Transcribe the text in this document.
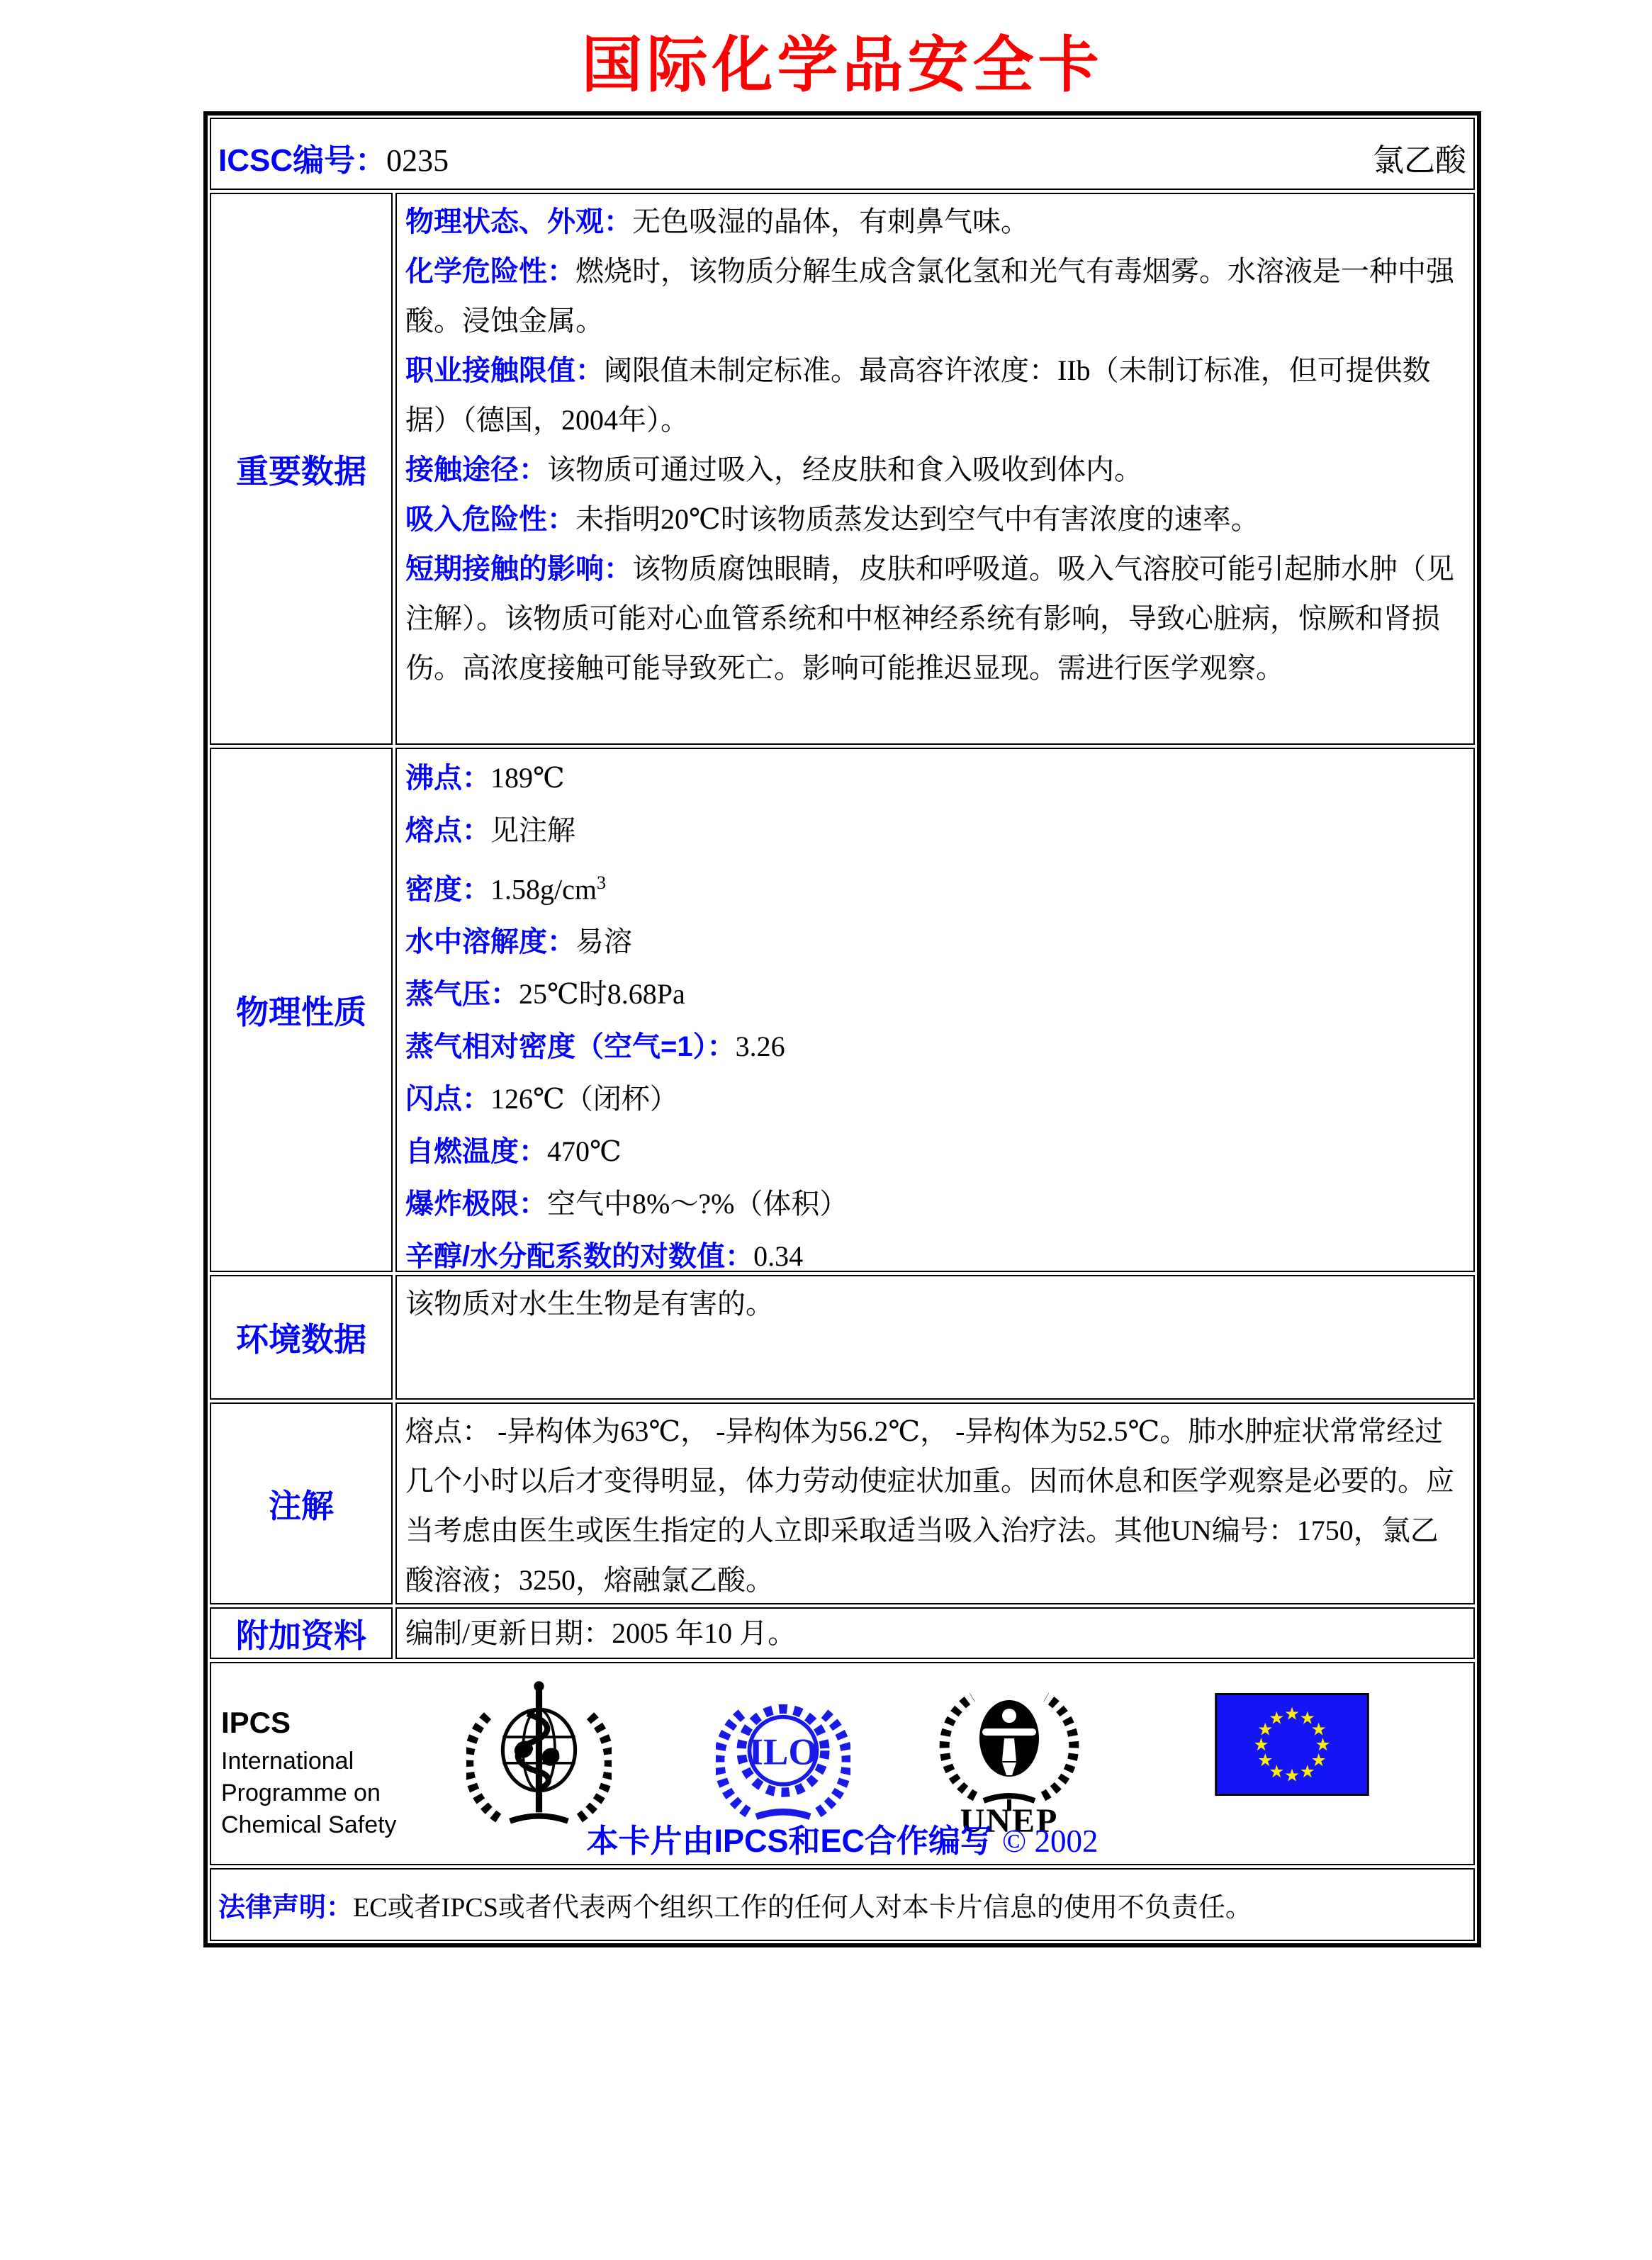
国际化学品安全卡
ICSC编号：0235	氯乙酸
重要数据

物理状态、外观：无色吸湿的晶体，有刺鼻气味。

化学危险性：燃烧时，该物质分解生成含氯化氢和光气有毒烟雾。水溶液是一种中强酸。浸蚀金属。

职业接触限值：阈限值未制定标准。最高容许浓度：IIb（未制订标准，但可提供数据）（德国，2004年）。

接触途径：该物质可通过吸入，经皮肤和食入吸收到体内。

吸入危险性：未指明20℃时该物质蒸发达到空气中有害浓度的速率。

短期接触的影响：该物质腐蚀眼睛，皮肤和呼吸道。吸入气溶胶可能引起肺水肿（见注解）。该物质可能对心血管系统和中枢神经系统有影响，导致心脏病，惊厥和肾损伤。高浓度接触可能导致死亡。影响可能推迟显现。需进行医学观察。

物理性质

沸点：189℃

熔点：见注解

密度：$1.58g/cm^3$

水中溶解度：易溶

蒸气压：25℃时8.68Pa

蒸气相对密度（空气=1）：3.26

闪点：126℃（闭杯）

自燃温度：470℃

爆炸极限：空气中8%～?%（体积）

辛醇/水分配系数的对数值：0.34

环境数据

该物质对水生生物是有害的。

注解

熔点： -异构体为63℃， -异构体为56.2℃， -异构体为52.5℃。肺水肿症状常常经过几个小时以后才变得明显，体力劳动使症状加重。因而休息和医学观察是必要的。应当考虑由医生或医生指定的人立即采取适当吸入治疗法。其他UN编号：1750，氯乙酸溶液；3250，熔融氯乙酸。

附加资料	编制/更新日期：2005 年10 月。

IPCS
International
Programme on
Chemical Safety
ILO
UNEP
★ ★
★
★
★
★
★
★
★
★
★
★
本卡片由IPCS和EC合作编写 © 2002

法律声明：EC或者IPCS或者代表两个组织工作的任何人对本卡片信息的使用不负责任。
